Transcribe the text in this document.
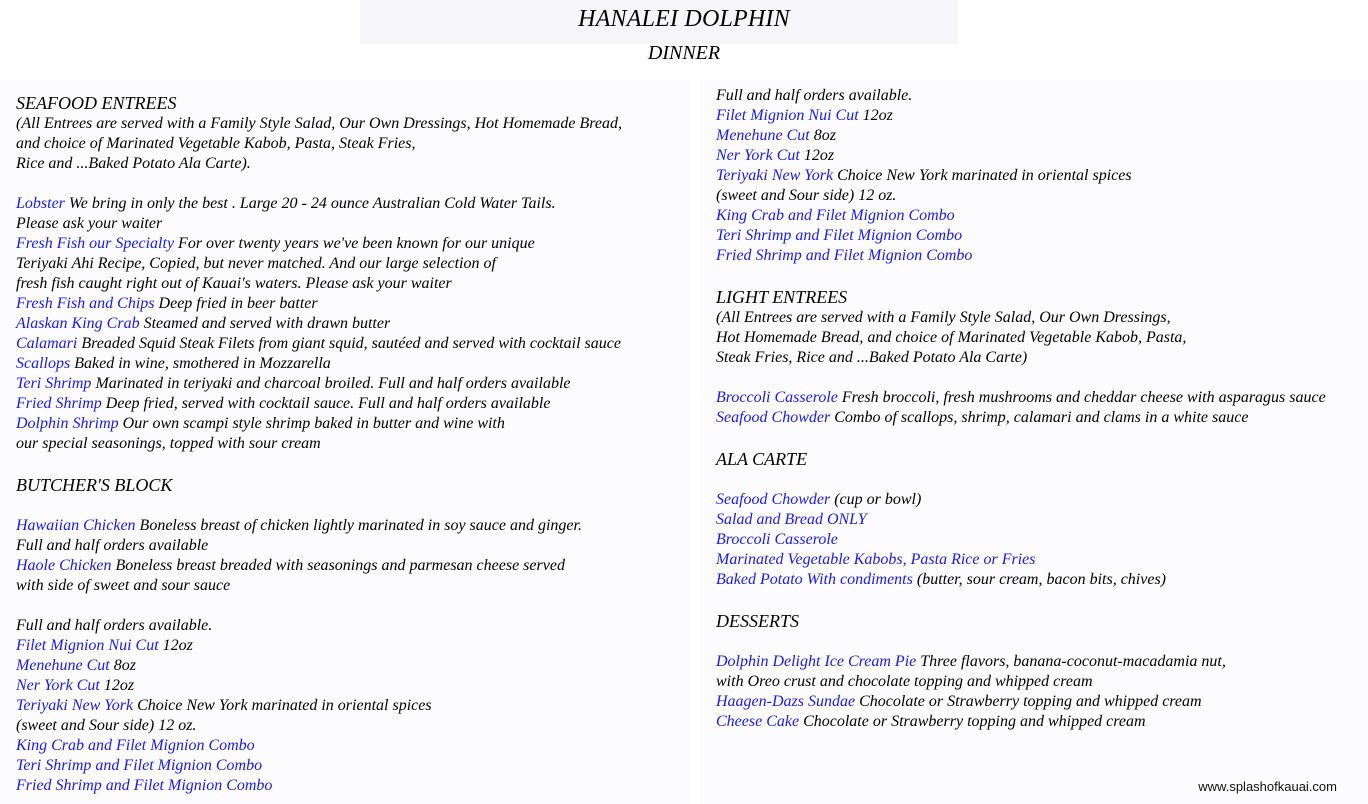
HANALEI DOLPHIN
DINNER
SEAFOOD ENTREES
(All Entrees are served with a Family Style Salad, Our Own Dressings, Hot Homemade Bread,
and choice of Marinated Vegetable Kabob, Pasta, Steak Fries,
Rice and ...Baked Potato Ala Carte).
Lobster We bring in only the best . Large 20 - 24 ounce Australian Cold Water Tails.
Please ask your waiter
Fresh Fish our Specialty For over twenty years we've been known for our unique
Teriyaki Ahi Recipe, Copied, but never matched. And our large selection of
fresh fish caught right out of Kauai's waters. Please ask your waiter
Fresh Fish and Chips Deep fried in beer batter
Alaskan King Crab Steamed and served with drawn butter
Calamari Breaded Squid Steak Filets from giant squid, sautéed and served with cocktail sauce
Scallops Baked in wine, smothered in Mozzarella
Teri Shrimp Marinated in teriyaki and charcoal broiled. Full and half orders available
Fried Shrimp Deep fried, served with cocktail sauce. Full and half orders available
Dolphin Shrimp Our own scampi style shrimp baked in butter and wine with
our special seasonings, topped with sour cream
BUTCHER'S BLOCK
Hawaiian Chicken Boneless breast of chicken lightly marinated in soy sauce and ginger.
Full and half orders available
Haole Chicken Boneless breast breaded with seasonings and parmesan cheese served
with side of sweet and sour sauce
Full and half orders available.
Filet Mignion Nui Cut 12oz
Menehune Cut 8oz
Ner York Cut 12oz
Teriyaki New York Choice New York marinated in oriental spices
(sweet and Sour side) 12 oz.
King Crab and Filet Mignion Combo
Teri Shrimp and Filet Mignion Combo
Fried Shrimp and Filet Mignion Combo
Full and half orders available.
Filet Mignion Nui Cut 12oz
Menehune Cut 8oz
Ner York Cut 12oz
Teriyaki New York Choice New York marinated in oriental spices
(sweet and Sour side) 12 oz.
King Crab and Filet Mignion Combo
Teri Shrimp and Filet Mignion Combo
Fried Shrimp and Filet Mignion Combo
LIGHT ENTREES
(All Entrees are served with a Family Style Salad, Our Own Dressings,
Hot Homemade Bread, and choice of Marinated Vegetable Kabob, Pasta,
Steak Fries, Rice and ...Baked Potato Ala Carte)
Broccoli Casserole Fresh broccoli, fresh mushrooms and cheddar cheese with asparagus sauce
Seafood Chowder Combo of scallops, shrimp, calamari and clams in a white sauce
ALA CARTE
Seafood Chowder (cup or bowl)
Salad and Bread ONLY
Broccoli Casserole
Marinated Vegetable Kabobs, Pasta Rice or Fries
Baked Potato With condiments (butter, sour cream, bacon bits, chives)
DESSERTS
Dolphin Delight Ice Cream Pie Three flavors, banana-coconut-macadamia nut,
with Oreo crust and chocolate topping and whipped cream
Haagen-Dazs Sundae Chocolate or Strawberry topping and whipped cream
Cheese Cake Chocolate or Strawberry topping and whipped cream
www.splashofkauai.com
